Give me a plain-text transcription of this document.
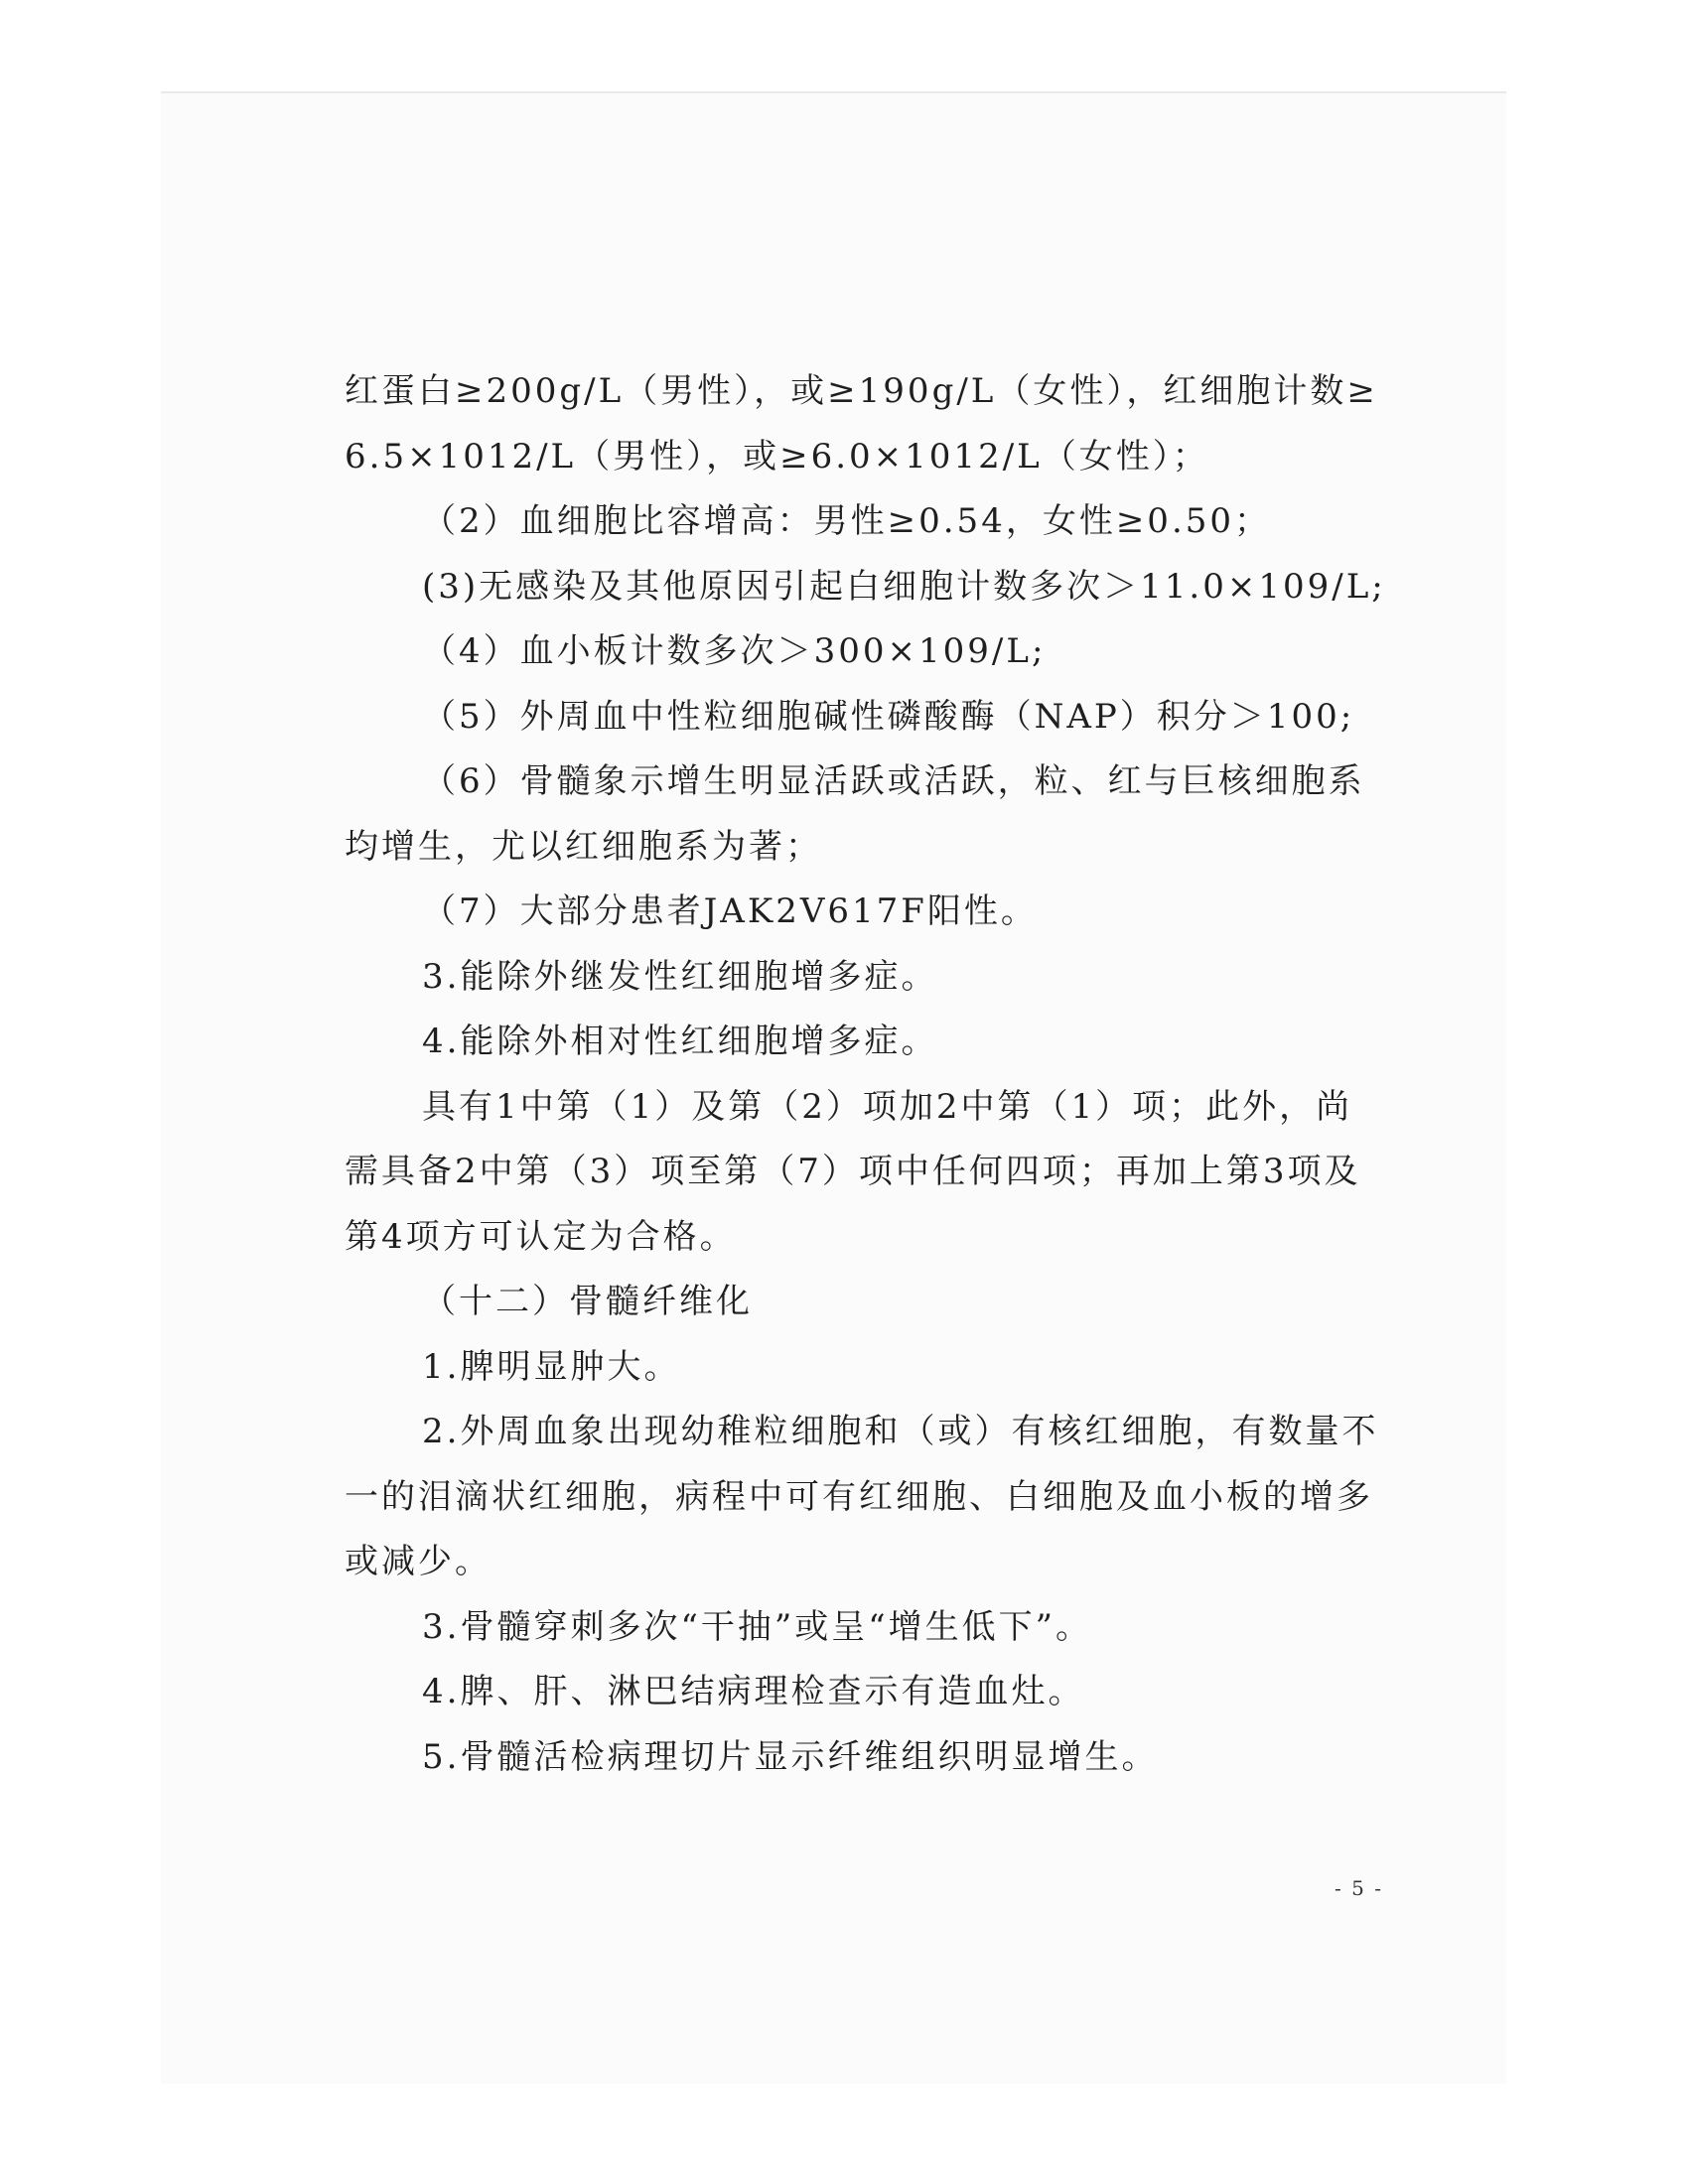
红蛋白≥200g/L（男性），或≥190g/L（女性），红细胞计数≥
6.5×1012/L（男性），或≥6.0×1012/L（女性）；
（2）血细胞比容增高：男性≥0.54，女性≥0.50；
(3)无感染及其他原因引起白细胞计数多次＞11.0×109/L;
（4）血小板计数多次＞300×109/L;
（5）外周血中性粒细胞碱性磷酸酶（NAP）积分＞100;
（6）骨髓象示增生明显活跃或活跃，粒、红与巨核细胞系
均增生，尤以红细胞系为著；
（7）大部分患者JAK2V617F阳性。
3.能除外继发性红细胞增多症。
4.能除外相对性红细胞增多症。
具有1中第（1）及第（2）项加2中第（1）项；此外，尚
需具备2中第（3）项至第（7）项中任何四项；再加上第3项及
第4项方可认定为合格。
（十二）骨髓纤维化
1.脾明显肿大。
2.外周血象出现幼稚粒细胞和（或）有核红细胞，有数量不
一的泪滴状红细胞，病程中可有红细胞、白细胞及血小板的增多
或减少。
3.骨髓穿刺多次“干抽”或呈“增生低下”。
4.脾、肝、淋巴结病理检查示有造血灶。
5.骨髓活检病理切片显示纤维组织明显增生。
- 5 -
